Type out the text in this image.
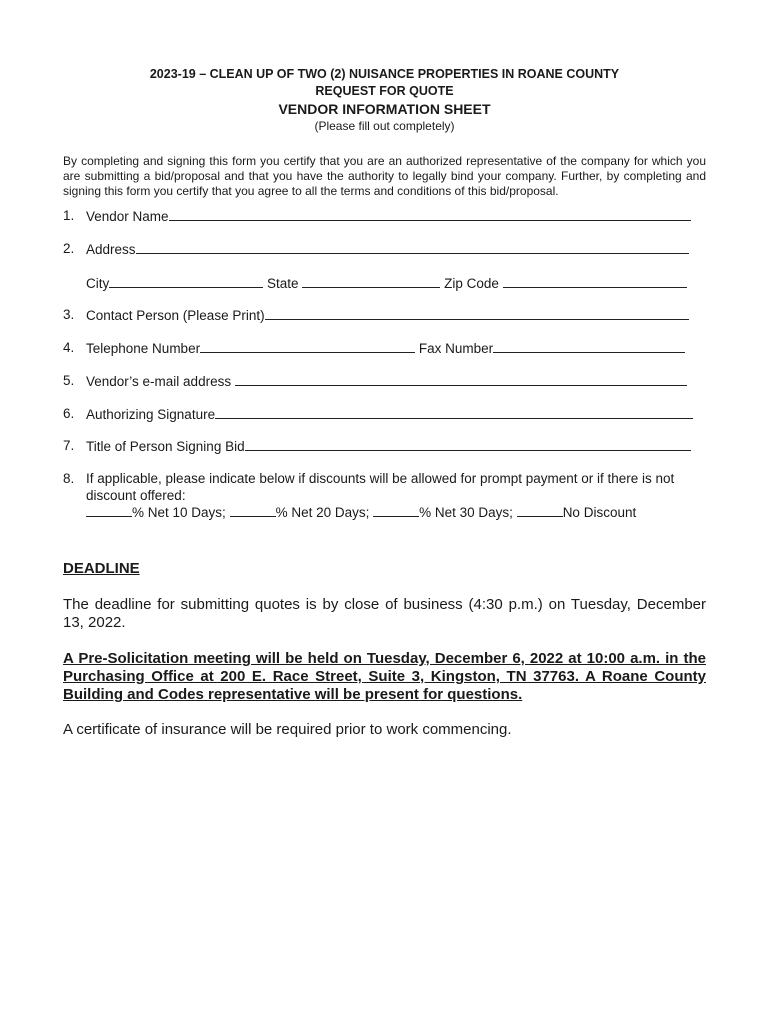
2023-19 – CLEAN UP OF TWO (2) NUISANCE PROPERTIES IN ROANE COUNTY
REQUEST FOR QUOTE
VENDOR INFORMATION SHEET
(Please fill out completely)
By completing and signing this form you certify that you are an authorized representative of the company for which you are submitting a bid/proposal and that you have the authority to legally bind your company. Further, by completing and signing this form you certify that you agree to all the terms and conditions of this bid/proposal.
1. Vendor Name
2. Address
City	State	Zip Code
3. Contact Person (Please Print)
4. Telephone Number	Fax Number
5. Vendor’s e-mail address
6. Authorizing Signature
7. Title of Person Signing Bid
8. If applicable, please indicate below if discounts will be allowed for prompt payment or if there is not discount offered:
% Net 10 Days;	% Net 20 Days;	% Net 30 Days;	No Discount
DEADLINE
The deadline for submitting quotes is by close of business (4:30 p.m.) on Tuesday, December 13, 2022.
A Pre-Solicitation meeting will be held on Tuesday, December 6, 2022 at 10:00 a.m. in the Purchasing Office at 200 E. Race Street, Suite 3, Kingston, TN 37763. A Roane County Building and Codes representative will be present for questions.
A certificate of insurance will be required prior to work commencing.
